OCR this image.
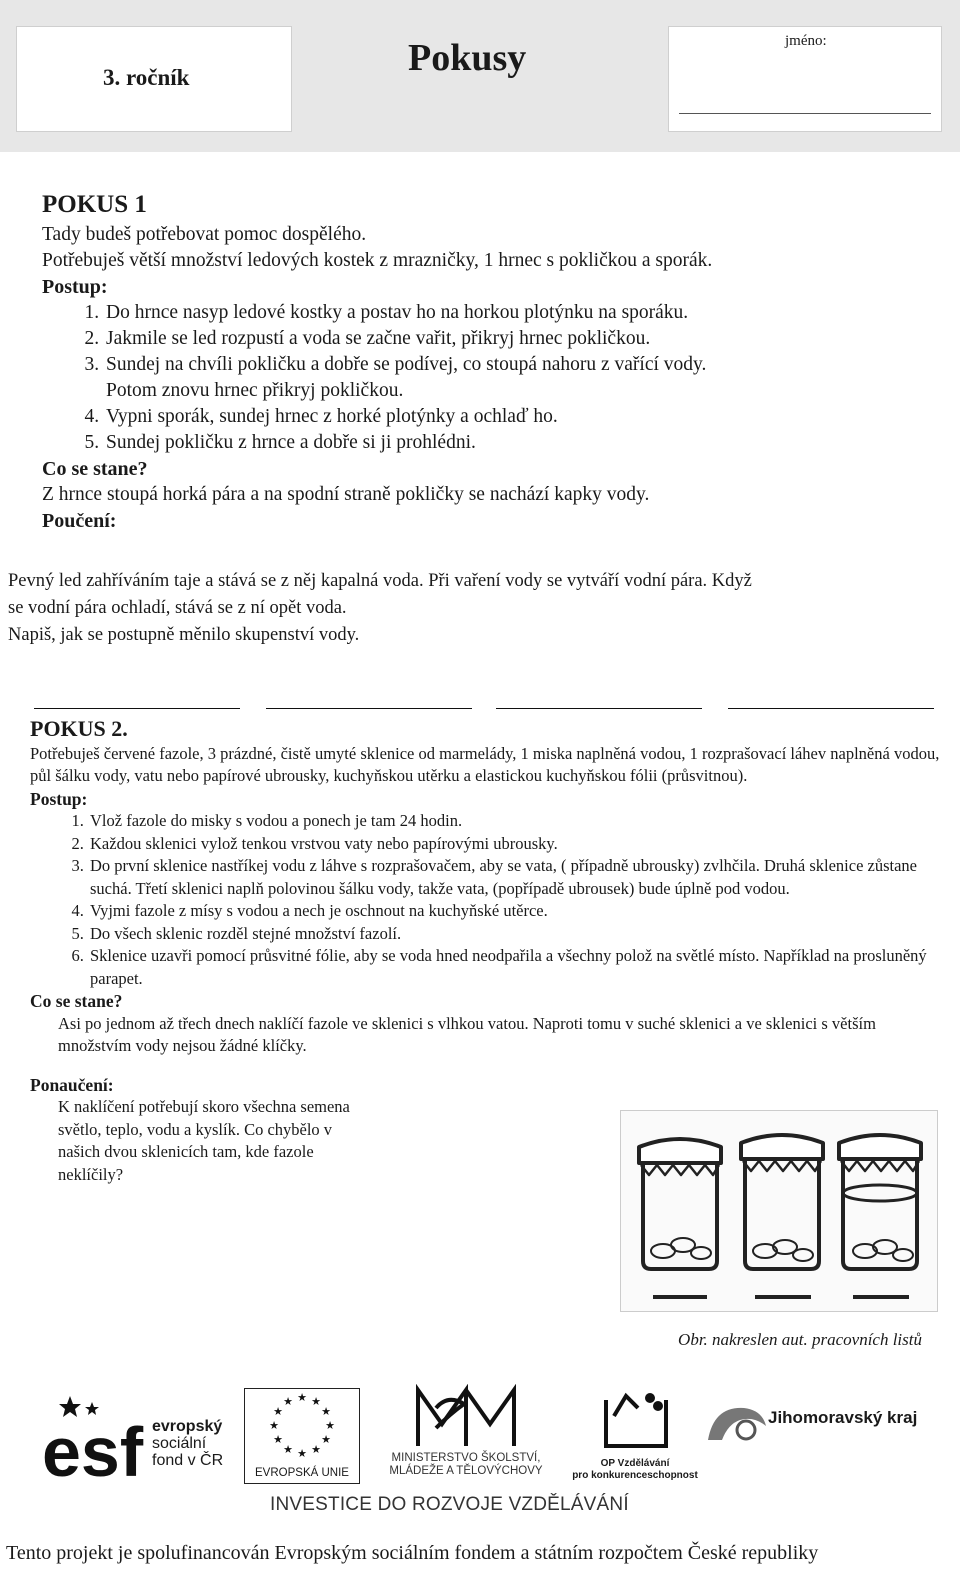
3. ročník	Pokusy	jméno:
POKUS 1
Tady budeš potřebovat pomoc dospělého.
Potřebuješ větší množství ledových kostek z mrazničky, 1 hrnec s pokličkou a sporák.
Postup:
1. Do hrnce nasyp ledové kostky a postav ho na horkou plotýnku na sporáku.
2. Jakmile se led rozpustí a voda se začne vařit, přikryj hrnec pokličkou.
3. Sundej na chvíli pokličku a dobře se podívej, co stoupá nahoru z vařící vody.
Potom znovu hrnec přikryj pokličkou.
4. Vypni sporák, sundej hrnec z horké plotýnky a ochlaď ho.
5. Sundej pokličku z hrnce a dobře si ji prohlédni.
Co se stane?
Z hrnce stoupá horká pára a na spodní straně pokličky se nachází kapky vody.
Poučení:
Pevný led zahříváním taje a stává se z něj kapalná voda. Při vaření vody se vytváří vodní pára. Když
se vodní pára ochladí, stává se z ní opět voda.
Napiš, jak se postupně měnilo skupenství vody.
POKUS 2.
Potřebuješ červené fazole, 3 prázdné, čistě umyté sklenice od marmelády, 1 miska naplněná vodou, 1 rozprašovací láhev naplněná vodou, půl šálku vody, vatu nebo papírové ubrousky, kuchyňskou utěrku a elastickou kuchyňskou fólii (průsvitnou).
Postup:
1. Vlož fazole do misky s vodou a ponech je tam 24 hodin.
2. Každou sklenici vylož tenkou vrstvou vaty nebo papírovými ubrousky.
3. Do první sklenice nastříkej vodu z láhve s rozprašovačem, aby se vata, ( případně ubrousky) zvlhčila. Druhá sklenice zůstane suchá. Třetí sklenici naplň polovinou šálku vody, takže vata, (popřípadě ubrousek) bude úplně pod vodou.
4. Vyjmi fazole z mísy s vodou a nech je oschnout na kuchyňské utěrce.
5. Do všech sklenic rozděl stejné množství fazolí.
6. Sklenice uzavři pomocí průsvitné fólie, aby se voda hned neodpařila a všechny polož na světlé místo. Například na prosluněný parapet.
Co se stane?
Asi po jednom až třech dnech naklíčí fazole ve sklenici s vlhkou vatou. Naproti tomu v suché sklenici a ve sklenici s větším množstvím vody nejsou žádné klíčky.
Ponaučení:
K naklíčení potřebují skoro všechna semena světlo, teplo, vodu a kyslík. Co chybělo v našich dvou sklenicích tam, kde fazole neklíčily?
Obr. nakreslen aut. pracovních listů
esf evropský
sociální
fond v ČR
★ ★
★
★
★
★
★
★
★
★
★
★
EVROPSKÁ UNIE
MINISTERSTVO ŠKOLSTVÍ,
MLÁDEŽE A TĚLOVÝCHOVY
OP Vzdělávání
pro konkurenceschopnost
Jihomoravský kraj
INVESTICE DO ROZVOJE VZDĚLÁVÁNÍ
Tento projekt je spolufinancován Evropským sociálním fondem a státním rozpočtem České republiky
